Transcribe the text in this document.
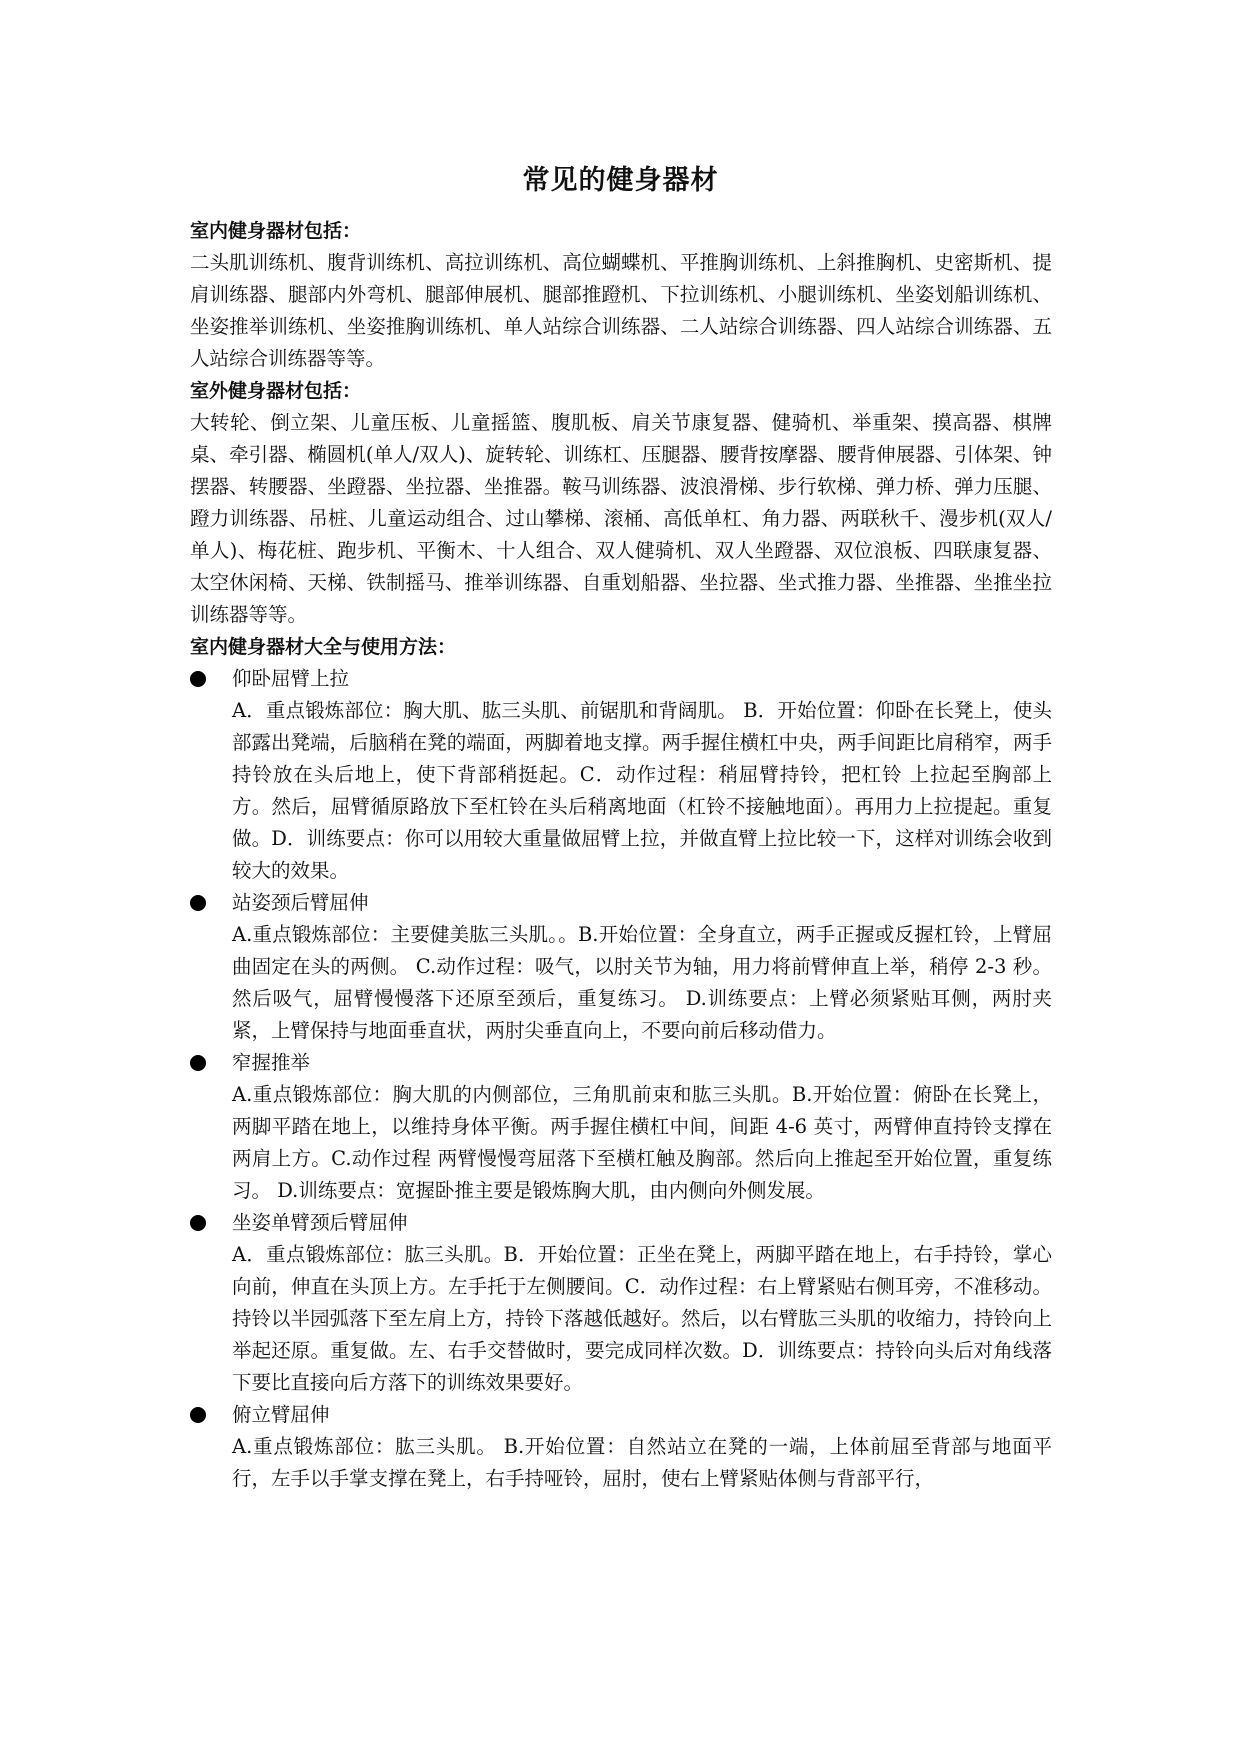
常见的健身器材

室内健身器材包括：

二头肌训练机、腹背训练机、高拉训练机、高位蝴蝶机、平推胸训练机、上斜推胸机、史密斯机、提肩训练器、腿部内外弯机、腿部伸展机、腿部推蹬机、下拉训练机、小腿训练机、坐姿划船训练机、坐姿推举训练机、坐姿推胸训练机、单人站综合训练器、二人站综合训练器、四人站综合训练器、五人站综合训练器等等。

室外健身器材包括：

大转轮、倒立架、儿童压板、儿童摇篮、腹肌板、肩关节康复器、健骑机、举重架、摸高器、棋牌桌、牵引器、椭圆机(单人/双人)、旋转轮、训练杠、压腿器、腰背按摩器、腰背伸展器、引体架、钟摆器、转腰器、坐蹬器、坐拉器、坐推器。鞍马训练器、波浪滑梯、步行软梯、弹力桥、弹力压腿、蹬力训练器、吊桩、儿童运动组合、过山攀梯、滚桶、高低单杠、角力器、两联秋千、漫步机(双人/单人)、梅花桩、跑步机、平衡木、十人组合、双人健骑机、双人坐蹬器、双位浪板、四联康复器、太空休闲椅、天梯、铁制摇马、推举训练器、自重划船器、坐拉器、坐式推力器、坐推器、坐推坐拉训练器等等。

室内健身器材大全与使用方法：

仰卧屈臂上拉

A．重点锻炼部位：胸大肌、肱三头肌、前锯肌和背阔肌。 B．开始位置：仰卧在长凳上，使头部露出凳端，后脑稍在凳的端面，两脚着地支撑。两手握住横杠中央，两手间距比肩稍窄，两手持铃放在头后地上，使下背部稍挺起。C．动作过程：稍屈臂持铃，把杠铃 上拉起至胸部上方。然后，屈臂循原路放下至杠铃在头后稍离地面（杠铃不接触地面）。再用力上拉提起。重复做。D．训练要点：你可以用较大重量做屈臂上拉，并做直臂上拉比较一下，这样对训练会收到较大的效果。

站姿颈后臂屈伸

A.重点锻炼部位：主要健美肱三头肌。。B.开始位置：全身直立，两手正握或反握杠铃，上臂屈曲固定在头的两侧。 C.动作过程：吸气，以肘关节为轴，用力将前臂伸直上举，稍停 2-3 秒。然后吸气，屈臂慢慢落下还原至颈后，重复练习。 D.训练要点：上臂必须紧贴耳侧，两肘夹紧，上臂保持与地面垂直状，两肘尖垂直向上，不要向前后移动借力。

窄握推举

A.重点锻炼部位：胸大肌的内侧部位，三角肌前束和肱三头肌。B.开始位置：俯卧在长凳上，两脚平踏在地上，以维持身体平衡。两手握住横杠中间，间距 4-6 英寸，两臂伸直持铃支撑在两肩上方。C.动作过程 两臂慢慢弯屈落下至横杠触及胸部。然后向上推起至开始位置，重复练习。 D.训练要点：宽握卧推主要是锻炼胸大肌，由内侧向外侧发展。

坐姿单臂颈后臂屈伸

A．重点锻炼部位：肱三头肌。B．开始位置：正坐在凳上，两脚平踏在地上，右手持铃，掌心向前，伸直在头顶上方。左手托于左侧腰间。C．动作过程：右上臂紧贴右侧耳旁，不准移动。持铃以半园弧落下至左肩上方，持铃下落越低越好。然后，以右臂肱三头肌的收缩力，持铃向上举起还原。重复做。左、右手交替做时，要完成同样次数。D．训练要点：持铃向头后对角线落下要比直接向后方落下的训练效果要好。

俯立臂屈伸

A.重点锻炼部位：肱三头肌。 B.开始位置：自然站立在凳的一端，上体前屈至背部与地面平行，左手以手掌支撑在凳上，右手持哑铃，屈肘，使右上臂紧贴体侧与背部平行，
